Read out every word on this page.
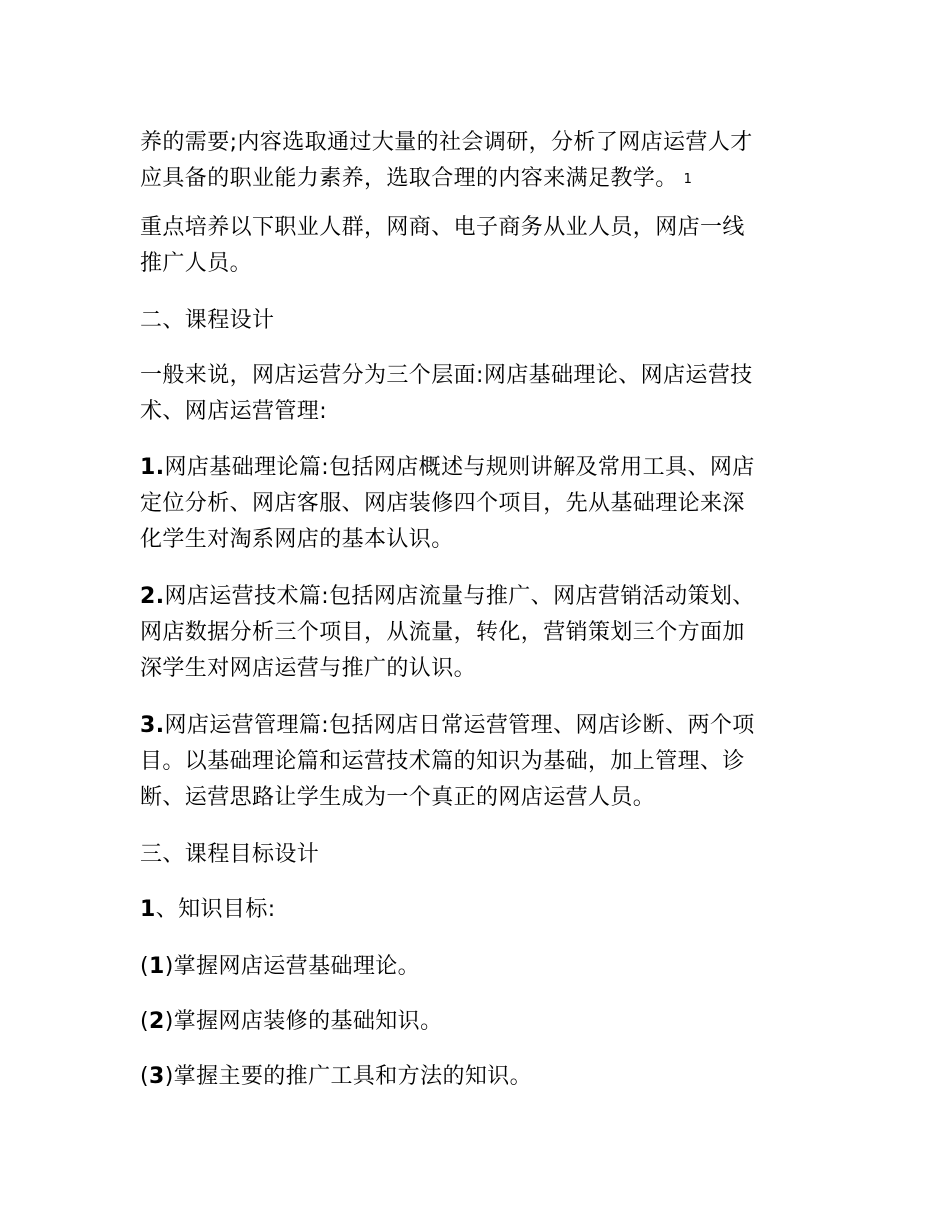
养的需要;内容选取通过大量的社会调研，分析了网店运营人才
应具备的职业能力素养，选取合理的内容来满足教学。 1

重点培养以下职业人群，网商、电子商务从业人员，网店一线
推广人员。

二、课程设计

一般来说，网店运营分为三个层面:网店基础理论、网店运营技
术、网店运营管理:

1.网店基础理论篇:包括网店概述与规则讲解及常用工具、网店
定位分析、网店客服、网店装修四个项目，先从基础理论来深
化学生对淘系网店的基本认识。

2.网店运营技术篇:包括网店流量与推广、网店营销活动策划、
网店数据分析三个项目，从流量，转化，营销策划三个方面加
深学生对网店运营与推广的认识。

3.网店运营管理篇:包括网店日常运营管理、网店诊断、两个项
目。以基础理论篇和运营技术篇的知识为基础，加上管理、诊
断、运营思路让学生成为一个真正的网店运营人员。

三、课程目标设计

1、知识目标:

(1)掌握网店运营基础理论。

(2)掌握网店装修的基础知识。

(3)掌握主要的推广工具和方法的知识。
